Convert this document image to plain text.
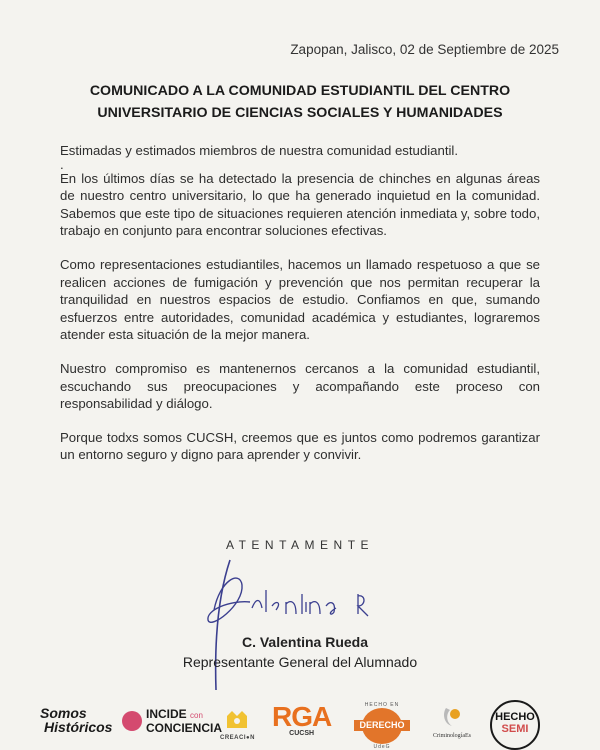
Zapopan, Jalisco, 02 de Septiembre de 2025
COMUNICADO A LA COMUNIDAD ESTUDIANTIL DEL CENTRO
UNIVERSITARIO DE CIENCIAS SOCIALES Y HUMANIDADES

Estimadas y estimados miembros de nuestra comunidad estudiantil.

.

En los últimos días se ha detectado la presencia de chinches en algunas áreas de nuestro centro universitario, lo que ha generado inquietud en la comunidad. Sabemos que este tipo de situaciones requieren atención inmediata y, sobre todo, trabajo en conjunto para encontrar soluciones efectivas.

Como representaciones estudiantiles, hacemos un llamado respetuoso a que se realicen acciones de fumigación y prevención que nos permitan recuperar la tranquilidad en nuestros espacios de estudio. Confiamos en que, sumando esfuerzos entre autoridades, comunidad académica y estudiantes, lograremos atender esta situación de la mejor manera.

Nuestro compromiso es mantenernos cercanos a la comunidad estudiantil, escuchando sus preocupaciones y acompañando este proceso con responsabilidad y diálogo.

Porque todxs somos CUCSH, creemos que es juntos como podremos garantizar un entorno seguro y digno para aprender y convivir.

ATENTAMENTE
C. Valentina Rueda
Representante General del Alumnado
Somos
Históricos
INCIDE con
CONCIENCIA
CREACI●N
RGA
CUCSH
HECHO EN
DERECHO
UdeG
CriminologíaEs
HECHO
SEMI
